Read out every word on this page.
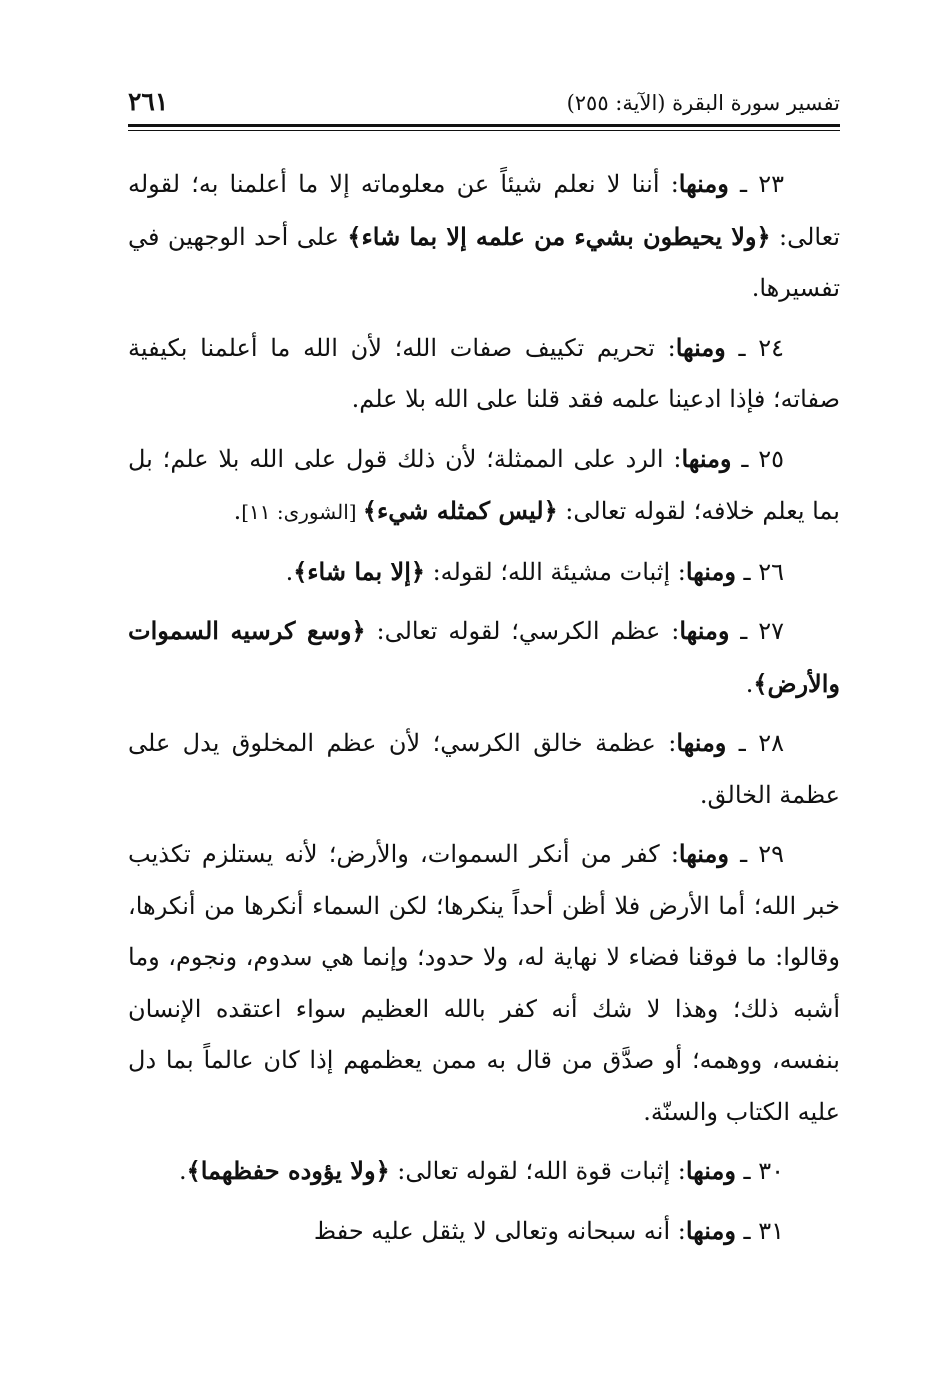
تفسير سورة البقرة (الآية: ٢٥٥)
٢٦١

٢٣ ـ ومنها: أننا لا نعلم شيئاً عن معلوماته إلا ما أعلمنا به؛ لقوله تعالى: ﴿ولا يحيطون بشيء من علمه إلا بما شاء﴾ على أحد الوجهين في تفسيرها.

٢٤ ـ ومنها: تحريم تكييف صفات الله؛ لأن الله ما أعلمنا بكيفية صفاته؛ فإذا ادعينا علمه فقد قلنا على الله بلا علم.

٢٥ ـ ومنها: الرد على الممثلة؛ لأن ذلك قول على الله بلا علم؛ بل بما يعلم خلافه؛ لقوله تعالى: ﴿ليس كمثله شيء﴾ [الشورى: ١١].

٢٦ ـ ومنها: إثبات مشيئة الله؛ لقوله: ﴿إلا بما شاء﴾.

٢٧ ـ ومنها: عظم الكرسي؛ لقوله تعالى: ﴿وسع كرسيه السموات والأرض﴾.

٢٨ ـ ومنها: عظمة خالق الكرسي؛ لأن عظم المخلوق يدل على عظمة الخالق.

٢٩ ـ ومنها: كفر من أنكر السموات، والأرض؛ لأنه يستلزم تكذيب خبر الله؛ أما الأرض فلا أظن أحداً ينكرها؛ لكن السماء أنكرها من أنكرها، وقالوا: ما فوقنا فضاء لا نهاية له، ولا حدود؛ وإنما هي سدوم، ونجوم، وما أشبه ذلك؛ وهذا لا شك أنه كفر بالله العظيم سواء اعتقده الإنسان بنفسه، ووهمه؛ أو صدَّق من قال به ممن يعظمهم إذا كان عالماً بما دل عليه الكتاب والسنّة.

٣٠ ـ ومنها: إثبات قوة الله؛ لقوله تعالى: ﴿ولا يؤوده حفظهما﴾.

٣١ ـ ومنها: أنه سبحانه وتعالى لا يثقل عليه حفظ
